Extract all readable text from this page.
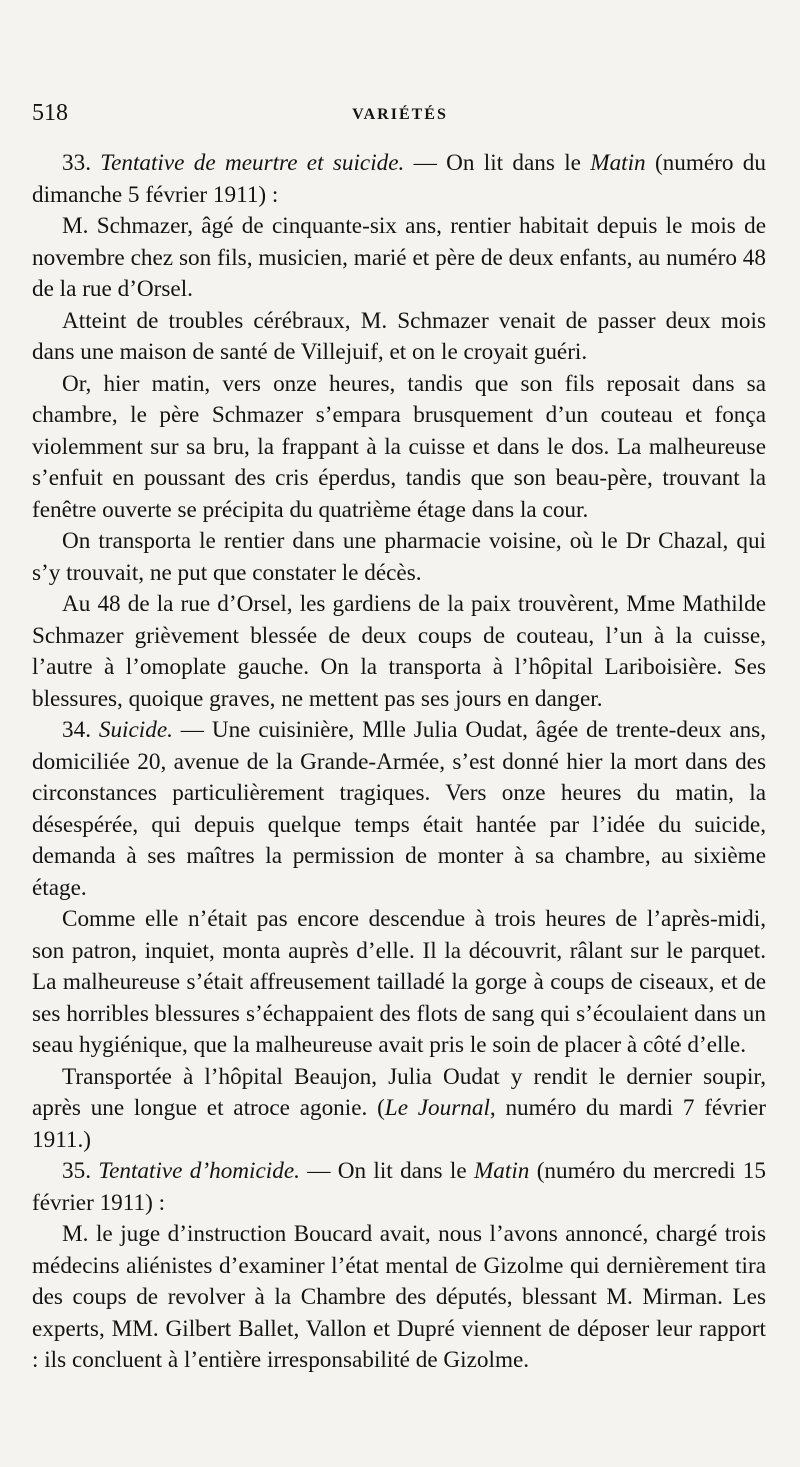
518	VARIÉTÉS

33. Tentative de meurtre et suicide. — On lit dans le Matin (numéro du dimanche 5 février 1911) :

M. Schmazer, âgé de cinquante-six ans, rentier habitait depuis le mois de novembre chez son fils, musicien, marié et père de deux enfants, au numéro 48 de la rue d’Orsel.

Atteint de troubles cérébraux, M. Schmazer venait de passer deux mois dans une maison de santé de Villejuif, et on le croyait guéri.

Or, hier matin, vers onze heures, tandis que son fils reposait dans sa chambre, le père Schmazer s’empara brusquement d’un couteau et fonça violemment sur sa bru, la frappant à la cuisse et dans le dos. La malheureuse s’enfuit en poussant des cris éperdus, tandis que son beau-père, trouvant la fenêtre ouverte se précipita du quatrième étage dans la cour.

On transporta le rentier dans une pharmacie voisine, où le Dr Chazal, qui s’y trouvait, ne put que constater le décès.

Au 48 de la rue d’Orsel, les gardiens de la paix trouvèrent, Mme Mathilde Schmazer grièvement blessée de deux coups de couteau, l’un à la cuisse, l’autre à l’omoplate gauche. On la transporta à l’hôpital Lariboisière. Ses blessures, quoique graves, ne mettent pas ses jours en danger.

34. Suicide. — Une cuisinière, Mlle Julia Oudat, âgée de trente-deux ans, domiciliée 20, avenue de la Grande-Armée, s’est donné hier la mort dans des circonstances particulièrement tragiques. Vers onze heures du matin, la désespérée, qui depuis quelque temps était hantée par l’idée du suicide, demanda à ses maîtres la permission de monter à sa chambre, au sixième étage.

Comme elle n’était pas encore descendue à trois heures de l’après-midi, son patron, inquiet, monta auprès d’elle. Il la découvrit, râlant sur le parquet. La malheureuse s’était affreusement tailladé la gorge à coups de ciseaux, et de ses horribles blessures s’échappaient des flots de sang qui s’écoulaient dans un seau hygiénique, que la malheureuse avait pris le soin de placer à côté d’elle.

Transportée à l’hôpital Beaujon, Julia Oudat y rendit le dernier soupir, après une longue et atroce agonie. (Le Journal, numéro du mardi 7 février 1911.)

35. Tentative d’homicide. — On lit dans le Matin (numéro du mercredi 15 février 1911) :

M. le juge d’instruction Boucard avait, nous l’avons annoncé, chargé trois médecins aliénistes d’examiner l’état mental de Gizolme qui dernièrement tira des coups de revolver à la Chambre des députés, blessant M. Mirman. Les experts, MM. Gilbert Ballet, Vallon et Dupré viennent de déposer leur rapport : ils concluent à l’entière irresponsabilité de Gizolme.
